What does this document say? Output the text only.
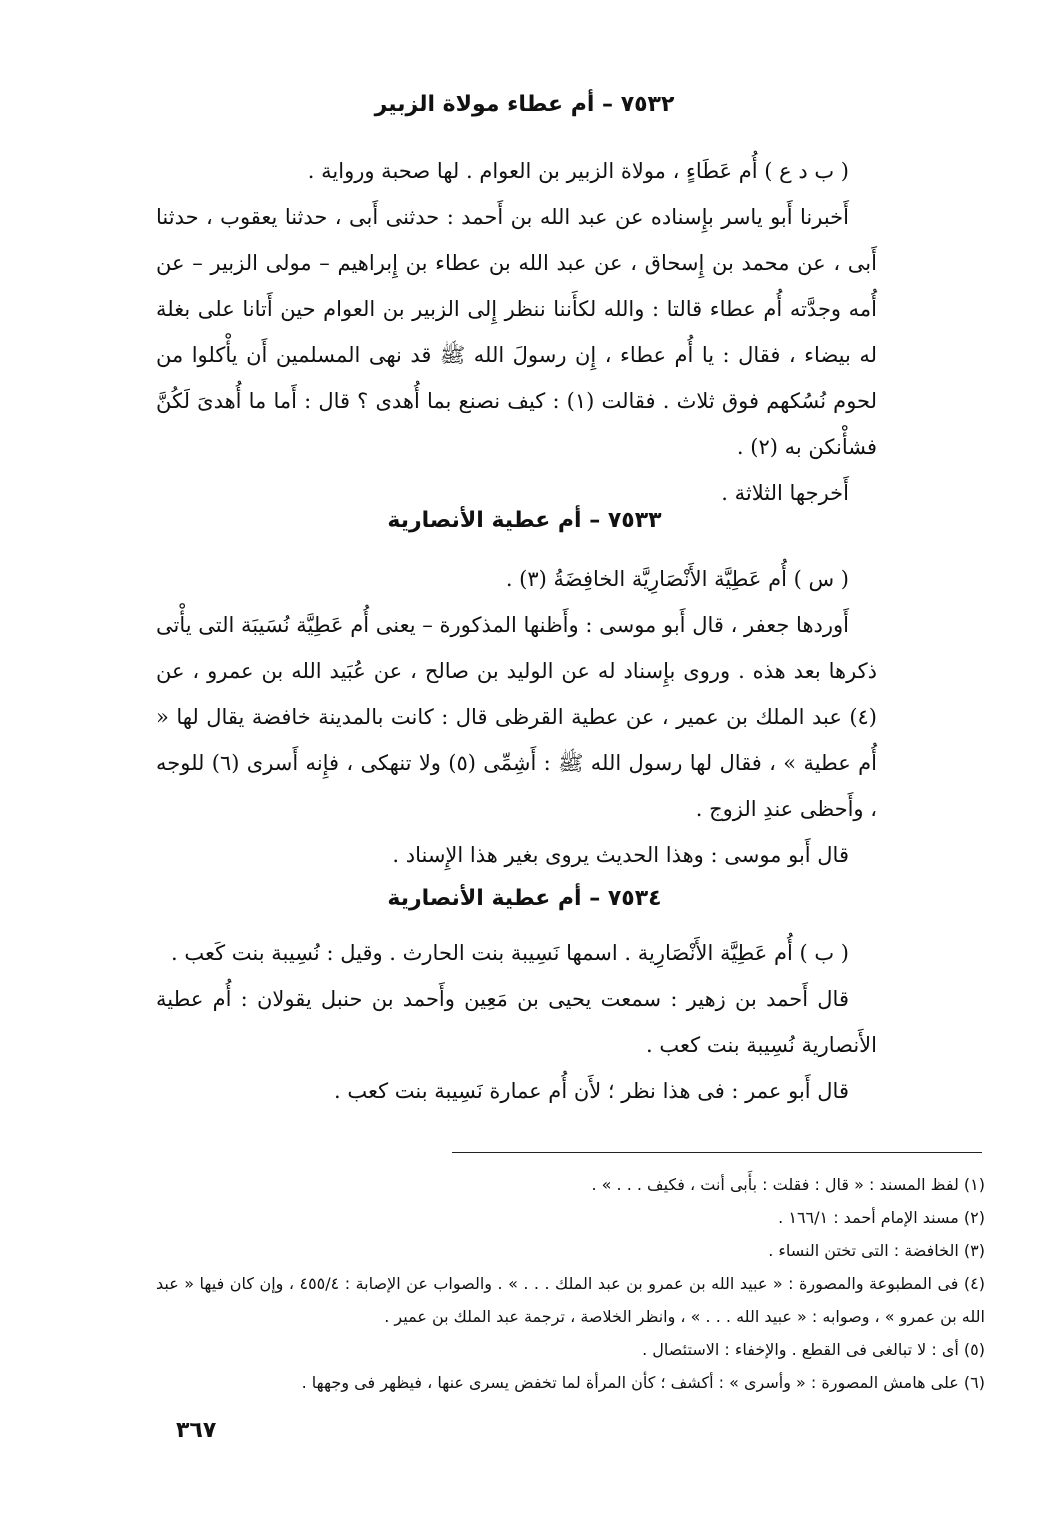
٧٥٣٢ – أم عطاء مولاة الزبير

( ب د ع ) أُم عَطَاءٍ ، مولاة الزبير بن العوام . لها صحبة ورواية .

أَخبرنا أَبو ياسر بإِسناده عن عبد الله بن أَحمد : حدثنى أَبى ، حدثنا يعقوب ، حدثنا أَبى ، عن محمد بن إِسحاق ، عن عبد الله بن عطاء بن إِبراهيم – مولى الزبير – عن أُمه وجدَّته أُم عطاء قالتا : والله لكأَننا ننظر إِلى الزبير بن العوام حين أَتانا على بغلة له بيضاء ، فقال : يا أُم عطاء ، إِن رسولَ الله ﷺ قد نهى المسلمين أَن يأْكلوا من لحوم نُسُكهم فوق ثلاث . فقالت (١) : كيف نصنع بما أُهدى ؟ قال : أَما ما أُهدىَ لَكُنَّ فشأْنكن به (٢) .

أَخرجها الثلاثة .

٧٥٣٣ – أم عطية الأنصارية

( س ) أُم عَطِيَّة الأَنْصَارِيَّة الخافِضَةُ (٣) .

أَوردها جعفر ، قال أَبو موسى : وأَظنها المذكورة – يعنى أُم عَطِيَّة نُسَيبَة التى يأْتى ذكرها بعد هذه . وروى بإِسناد له عن الوليد بن صالح ، عن عُبَيد الله بن عمرو ، عن (٤) عبد الملك بن عمير ، عن عطية القرظى قال : كانت بالمدينة خافضة يقال لها « أُم عطية » ، فقال لها رسول الله ﷺ : أَشِمِّى (٥) ولا تنهكى ، فإِنه أَسرى (٦) للوجه ، وأَحظى عندِ الزوج .

قال أَبو موسى : وهذا الحديث يروى بغير هذا الإِسناد .

٧٥٣٤ – أم عطية الأنصارية

( ب ) أُم عَطِيَّة الأَنْصَارِية . اسمها نَسِيبة بنت الحارث . وقيل : نُسِيبة بنت كَعب .

قال أَحمد بن زهير : سمعت يحيى بن مَعِين وأَحمد بن حنبل يقولان : أُم عطية الأَنصارية نُسِيبة بنت كعب .

قال أَبو عمر : فى هذا نظر ؛ لأَن أُم عمارة نَسِيبة بنت كعب .

(١) لفظ المسند : « قال : فقلت : بأَبى أنت ، فكيف . . . » .

(٢) مسند الإمام أحمد : ١٦٦/١ .

(٣) الخافضة : التى تختن النساء .

(٤) فى المطبوعة والمصورة : « عبيد الله بن عمرو بن عبد الملك . . . » . والصواب عن الإصابة : ٤٥٥/٤ ، وإن كان فيها « عبد الله بن عمرو » ، وصوابه : « عبيد الله . . . » ، وانظر الخلاصة ، ترجمة عبد الملك بن عمير .

(٥) أى : لا تبالغى فى القطع . والإخفاء : الاستئصال .

(٦) على هامش المصورة : « وأسرى » : أكشف ؛ كأن المرأة لما تخفض يسرى عنها ، فيظهر فى وجهها .

٣٦٧
